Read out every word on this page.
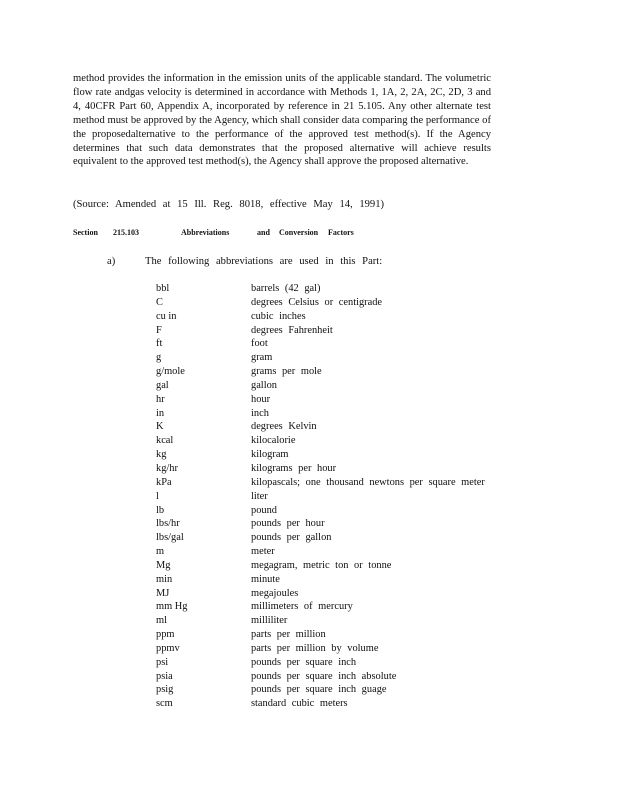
method provides the information in the emission units of the applicable standard. The volumetric flow rate andgas velocity is determined in accordance with Methods 1, 1A, 2, 2A, 2C, 2D, 3 and 4, 40CFR Part 60, Appendix A, incorporated by reference in 21 5.105. Any other alternate test method must be approved by the Agency, which shall consider data comparing the performance of the proposedalternative to the performance of the approved test method(s). If the Agency determines that such data demonstrates that the proposed alternative will achieve results equivalent to the approved test method(s), the Agency shall approve the proposed alternative.
(Source: Amended at 15 Ill. Reg. 8018, effective May 14, 1991)
Section 215.103	Abbreviations	and Conversion Factors
a)	The following abbreviations are used in this Part:
bbl	barrels (42 gal)
C	degrees Celsius or centigrade
cu in	cubic inches
F	degrees Fahrenheit
ft	foot
g	gram
g/mole	grams per mole
gal	gallon
hr	hour
in	inch
K	degrees Kelvin
kcal	kilocalorie
kg	kilogram
kg/hr	kilograms per hour
kPa	kilopascals; one thousand newtons per square meter
l	liter
lb	pound
lbs/hr	pounds per hour
lbs/gal	pounds per gallon
m	meter
Mg	megagram, metric ton or tonne
min	minute
MJ	megajoules
mm Hg	millimeters of mercury
ml	milliliter
ppm	parts per million
ppmv	parts per million by volume
psi	pounds per square inch
psia	pounds per square inch absolute
psig	pounds per square inch guage
scm	standard cubic meters
